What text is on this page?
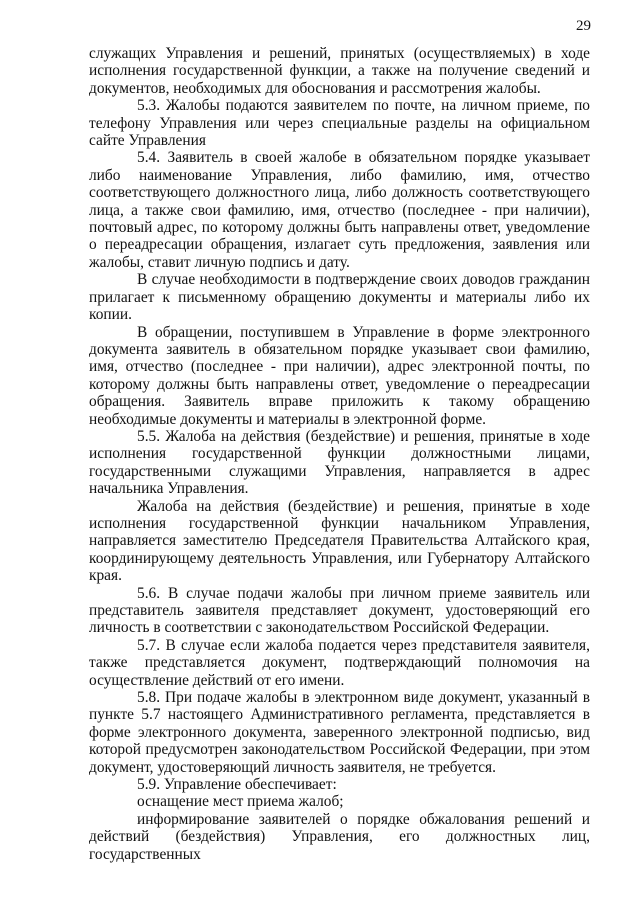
29

служащих Управления и решений, принятых (осуществляемых) в ходе исполнения государственной функции, а также на получение сведений и документов, необходимых для обоснования и рассмотрения жалобы.

5.3. Жалобы подаются заявителем по почте, на личном приеме, по телефону Управления или через специальные разделы на официальном сайте Управления

5.4. Заявитель в своей жалобе в обязательном порядке указывает либо наименование Управления, либо фамилию, имя, отчество соответствующего должностного лица, либо должность соответствующего лица, а также свои фамилию, имя, отчество (последнее - при наличии), почтовый адрес, по которому должны быть направлены ответ, уведомление о переадресации обращения, излагает суть предложения, заявления или жалобы, ставит личную подпись и дату.

В случае необходимости в подтверждение своих доводов гражданин прилагает к письменному обращению документы и материалы либо их копии.

В обращении, поступившем в Управление в форме электронного документа заявитель в обязательном порядке указывает свои фамилию, имя, отчество (последнее - при наличии), адрес электронной почты, по которому должны быть направлены ответ, уведомление о переадресации обращения. Заявитель вправе приложить к такому обращению необходимые документы и материалы в электронной форме.

5.5. Жалоба на действия (бездействие) и решения, принятые в ходе исполнения государственной функции должностными лицами, государственными служащими Управления, направляется в адрес начальника Управления.

Жалоба на действия (бездействие) и решения, принятые в ходе исполнения государственной функции начальником Управления, направляется заместителю Председателя Правительства Алтайского края, координирующему деятельность Управления, или Губернатору Алтайского края.

5.6. В случае подачи жалобы при личном приеме заявитель или представитель заявителя представляет документ, удостоверяющий его личность в соответствии с законодательством Российской Федерации.

5.7. В случае если жалоба подается через представителя заявителя, также представляется документ, подтверждающий полномочия на осуществление действий от его имени.

5.8. При подаче жалобы в электронном виде документ, указанный в пункте 5.7 настоящего Административного регламента, представляется в форме электронного документа, заверенного электронной подписью, вид которой предусмотрен законодательством Российской Федерации, при этом документ, удостоверяющий личность заявителя, не требуется.

5.9. Управление обеспечивает:

оснащение мест приема жалоб;

информирование заявителей о порядке обжалования решений и действий (бездействия) Управления, его должностных лиц, государственных
